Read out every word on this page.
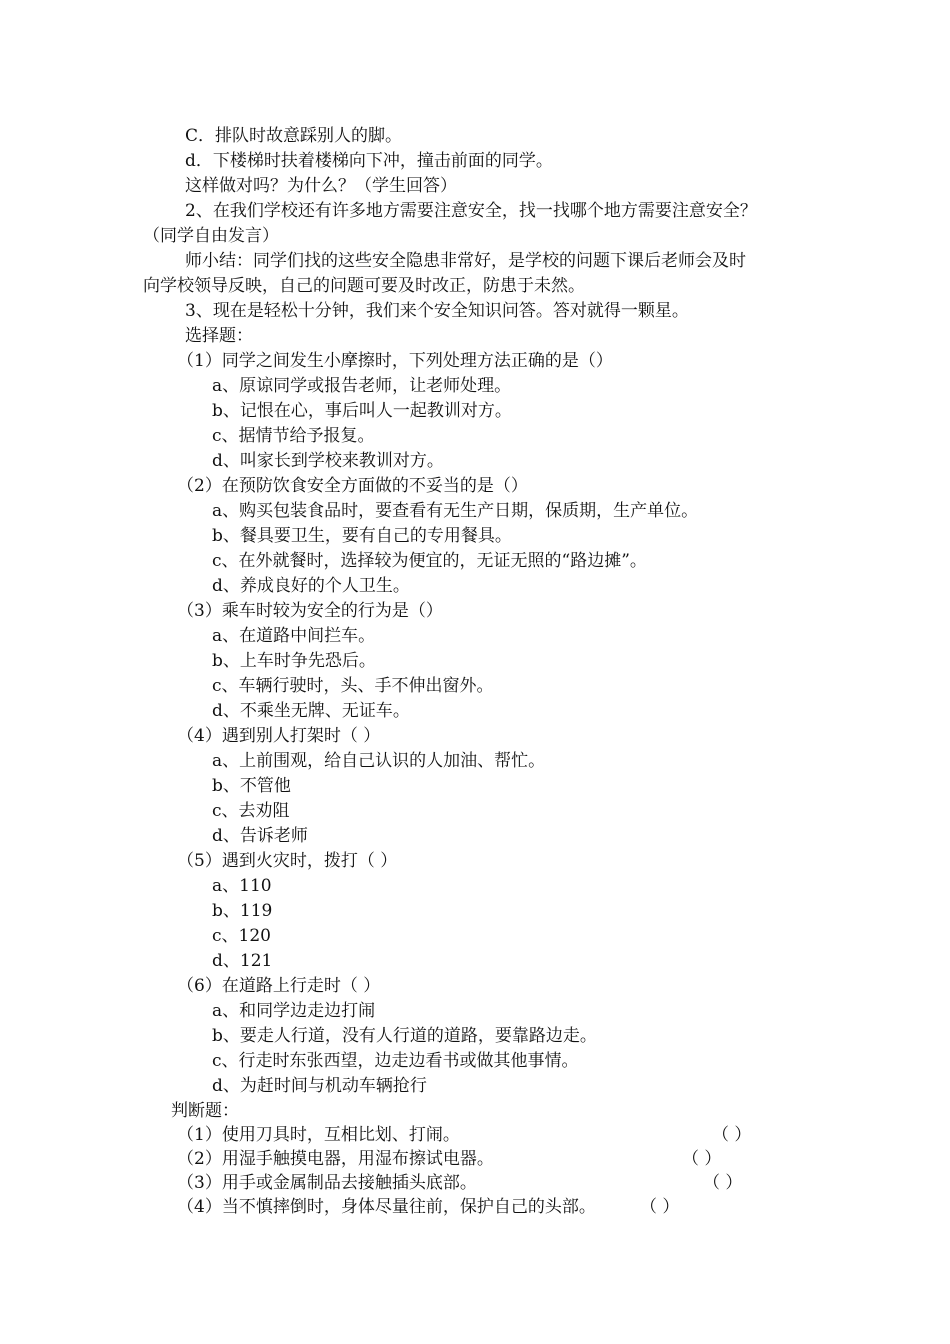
C．排队时故意踩别人的脚。
d．下楼梯时扶着楼梯向下冲，撞击前面的同学。
这样做对吗？为什么？（学生回答）
2、在我们学校还有许多地方需要注意安全，找一找哪个地方需要注意安全？
（同学自由发言）
师小结：同学们找的这些安全隐患非常好，是学校的问题下课后老师会及时
向学校领导反映，自己的问题可要及时改正，防患于未然。
3、现在是轻松十分钟，我们来个安全知识问答。答对就得一颗星。
选择题：
（1）同学之间发生小摩擦时，下列处理方法正确的是（）
a、原谅同学或报告老师，让老师处理。
b、记恨在心，事后叫人一起教训对方。
c、据情节给予报复。
d、叫家长到学校来教训对方。
（2）在预防饮食安全方面做的不妥当的是（）
a、购买包装食品时，要查看有无生产日期，保质期，生产单位。
b、餐具要卫生，要有自己的专用餐具。
c、在外就餐时，选择较为便宜的，无证无照的“路边摊”。
d、养成良好的个人卫生。
（3）乘车时较为安全的行为是（）
a、在道路中间拦车。
b、上车时争先恐后。
c、车辆行驶时，头、手不伸出窗外。
d、不乘坐无牌、无证车。
（4）遇到别人打架时（ ）
a、上前围观，给自己认识的人加油、帮忙。
b、不管他
c、去劝阻
d、告诉老师
（5）遇到火灾时，拨打（ ）
a、110
b、119
c、120
d、121
（6）在道路上行走时（ ）
a、和同学边走边打闹
b、要走人行道，没有人行道的道路，要靠路边走。
c、行走时东张西望，边走边看书或做其他事情。
d、为赶时间与机动车辆抢行
判断题：
（1）使用刀具时，互相比划、打闹。	（ ）
（2）用湿手触摸电器，用湿布擦试电器。	（ ）
（3）用手或金属制品去接触插头底部。	（ ）
（4）当不慎摔倒时，身体尽量往前，保护自己的头部。	（ ）
